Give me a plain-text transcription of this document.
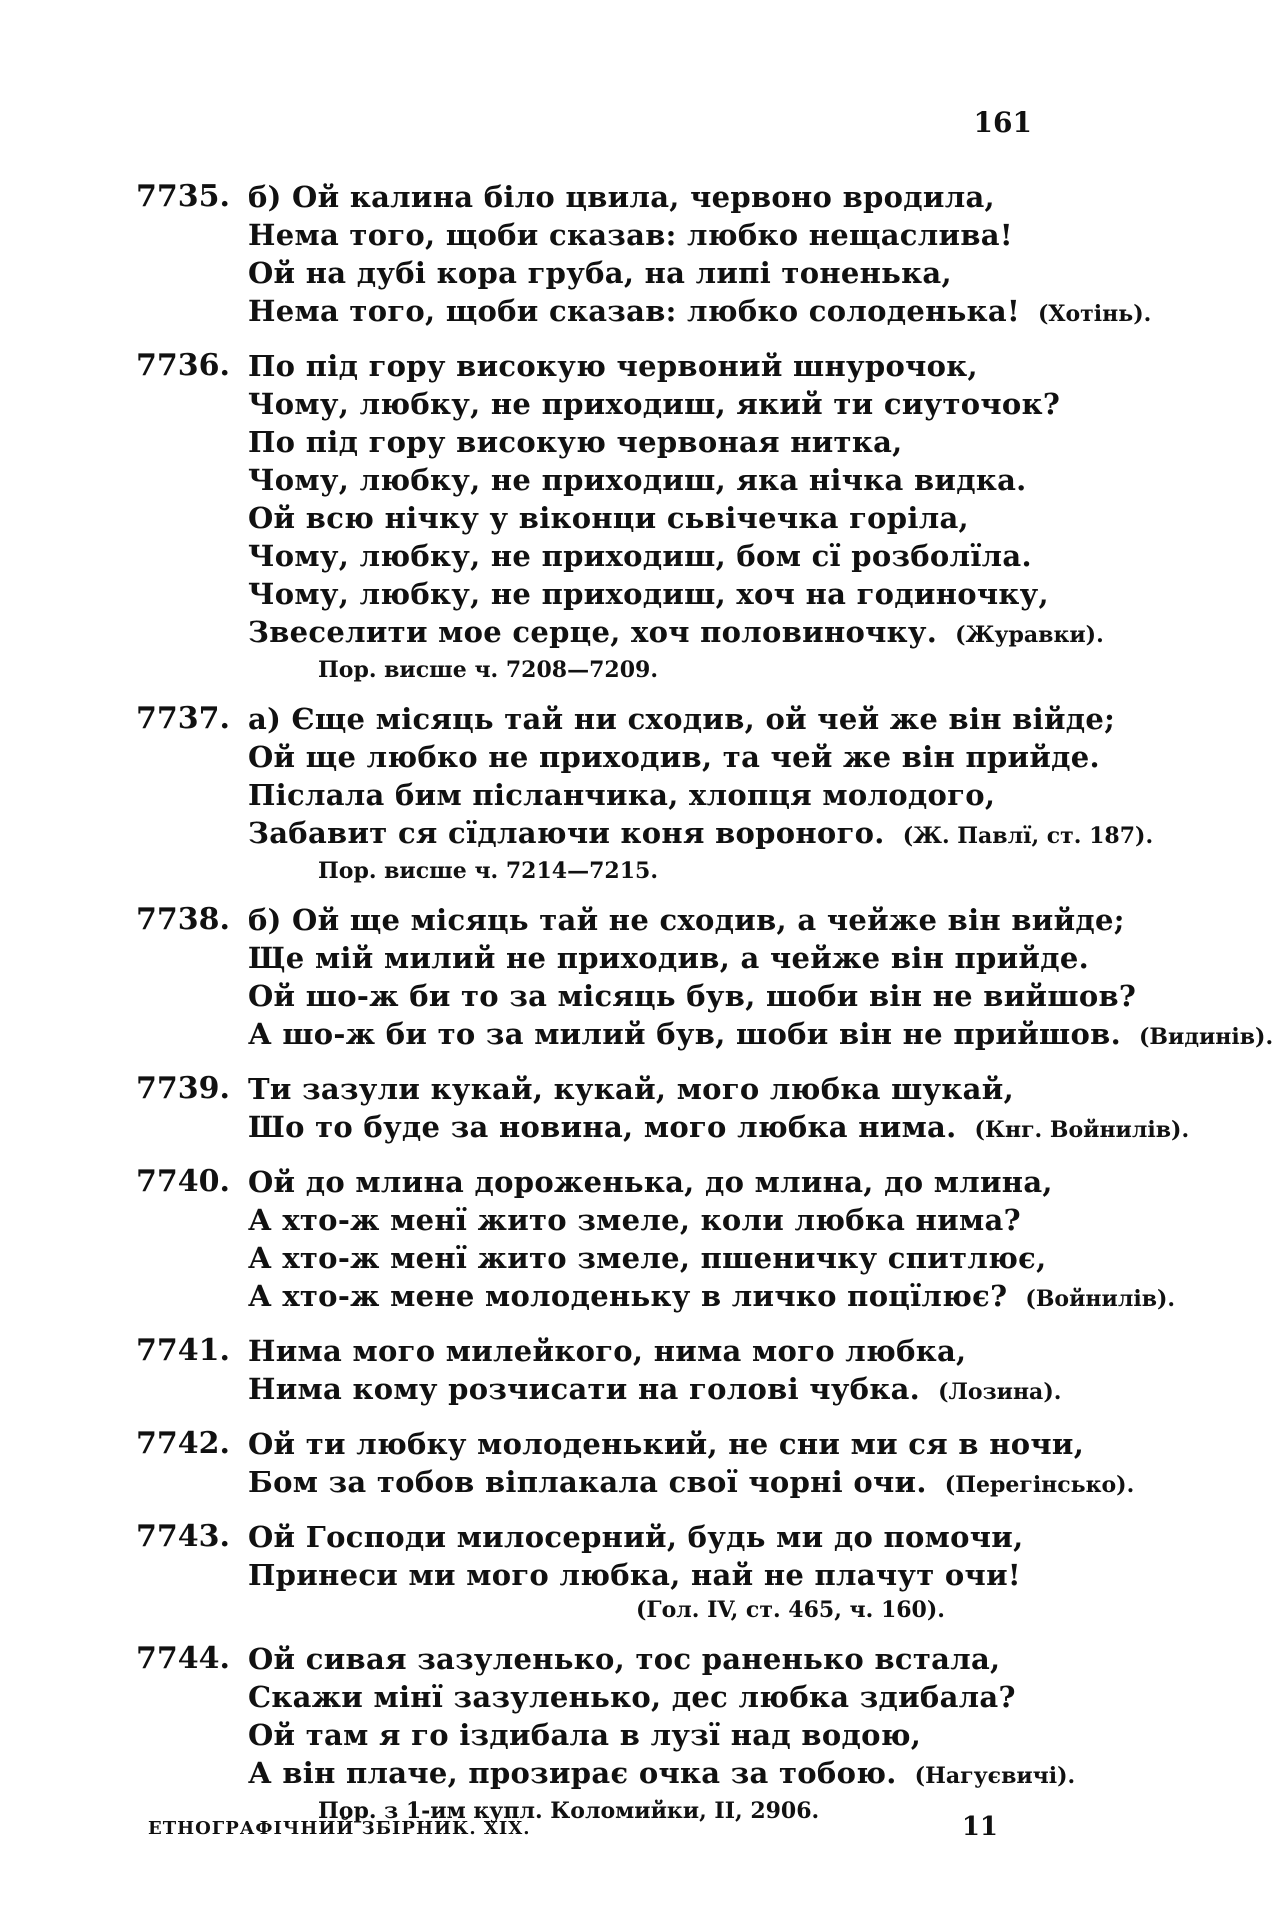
161
7735. б) Ой калина біло цвила, червоно вродила,
Нема того, щоби сказав: любко нещаслива!
Ой на дубі кора груба, на липі тоненька,
Нема того, щоби сказав: любко солоденька! (Хотінь).
7736. По під гору високую червоний шнурочок,
Чому, любку, не приходиш, який ти сиуточок?
По під гору високую червоная нитка,
Чому, любку, не приходиш, яка нічка видка.
Ой всю нічку у віконци сьвічечка горіла,
Чому, любку, не приходиш, бом сї розболїла.
Чому, любку, не приходиш, хоч на годиночку,
Звеселити мое серце, хоч половиночку. (Журавки).
Пор. висше ч. 7208—7209.
7737. а) Єще місяць тай ни сходив, ой чей же він війде;
Ой ще любко не приходив, та чей же він прийде.
Післала бим післанчика, хлопця молодого,
Забавит ся сїдлаючи коня вороного. (Ж. Павлї, ст. 187).
Пор. висше ч. 7214—7215.
7738. б) Ой ще місяць тай не сходив, а чейже він вийде;
Ще мій милий не приходив, а чейже він прийде.
Ой шо-ж би то за місяць був, шоби він не вийшов?
А шо-ж би то за милий був, шоби він не прийшов. (Видинів).
7739. Ти зазули кукай, кукай, мого любка шукай,
Шо то буде за новина, мого любка нима. (Кнг. Войнилів).
7740. Ой до млина дороженька, до млина, до млина,
А хто-ж менї жито змеле, коли любка нима?
А хто-ж менї жито змеле, пшеничку спитлює,
А хто-ж мене молоденьку в личко поцїлює? (Войнилів).
7741. Нима мого милейкого, нима мого любка,
Нима кому розчисати на голові чубка. (Лозина).
7742. Ой ти любку молоденький, не сни ми ся в ночи,
Бом за тобов віплакала свої чорні очи. (Перегінсько).
7743. Ой Господи милосерний, будь ми до помочи,
Принеси ми мого любка, най не плачут очи!
(Гол. IV, ст. 465, ч. 160).
7744. Ой сивая зазуленько, тос раненько встала,
Скажи мінї зазуленько, дес любка здибала?
Ой там я го іздибала в лузї над водою,
А він плаче, прозирає очка за тобою. (Нагуєвичі).
Пор. з 1-им купл. Коломийки, II, 2906.
ЕТНОГРАФІЧНИЙ ЗБІРНИК. XIX.	11
